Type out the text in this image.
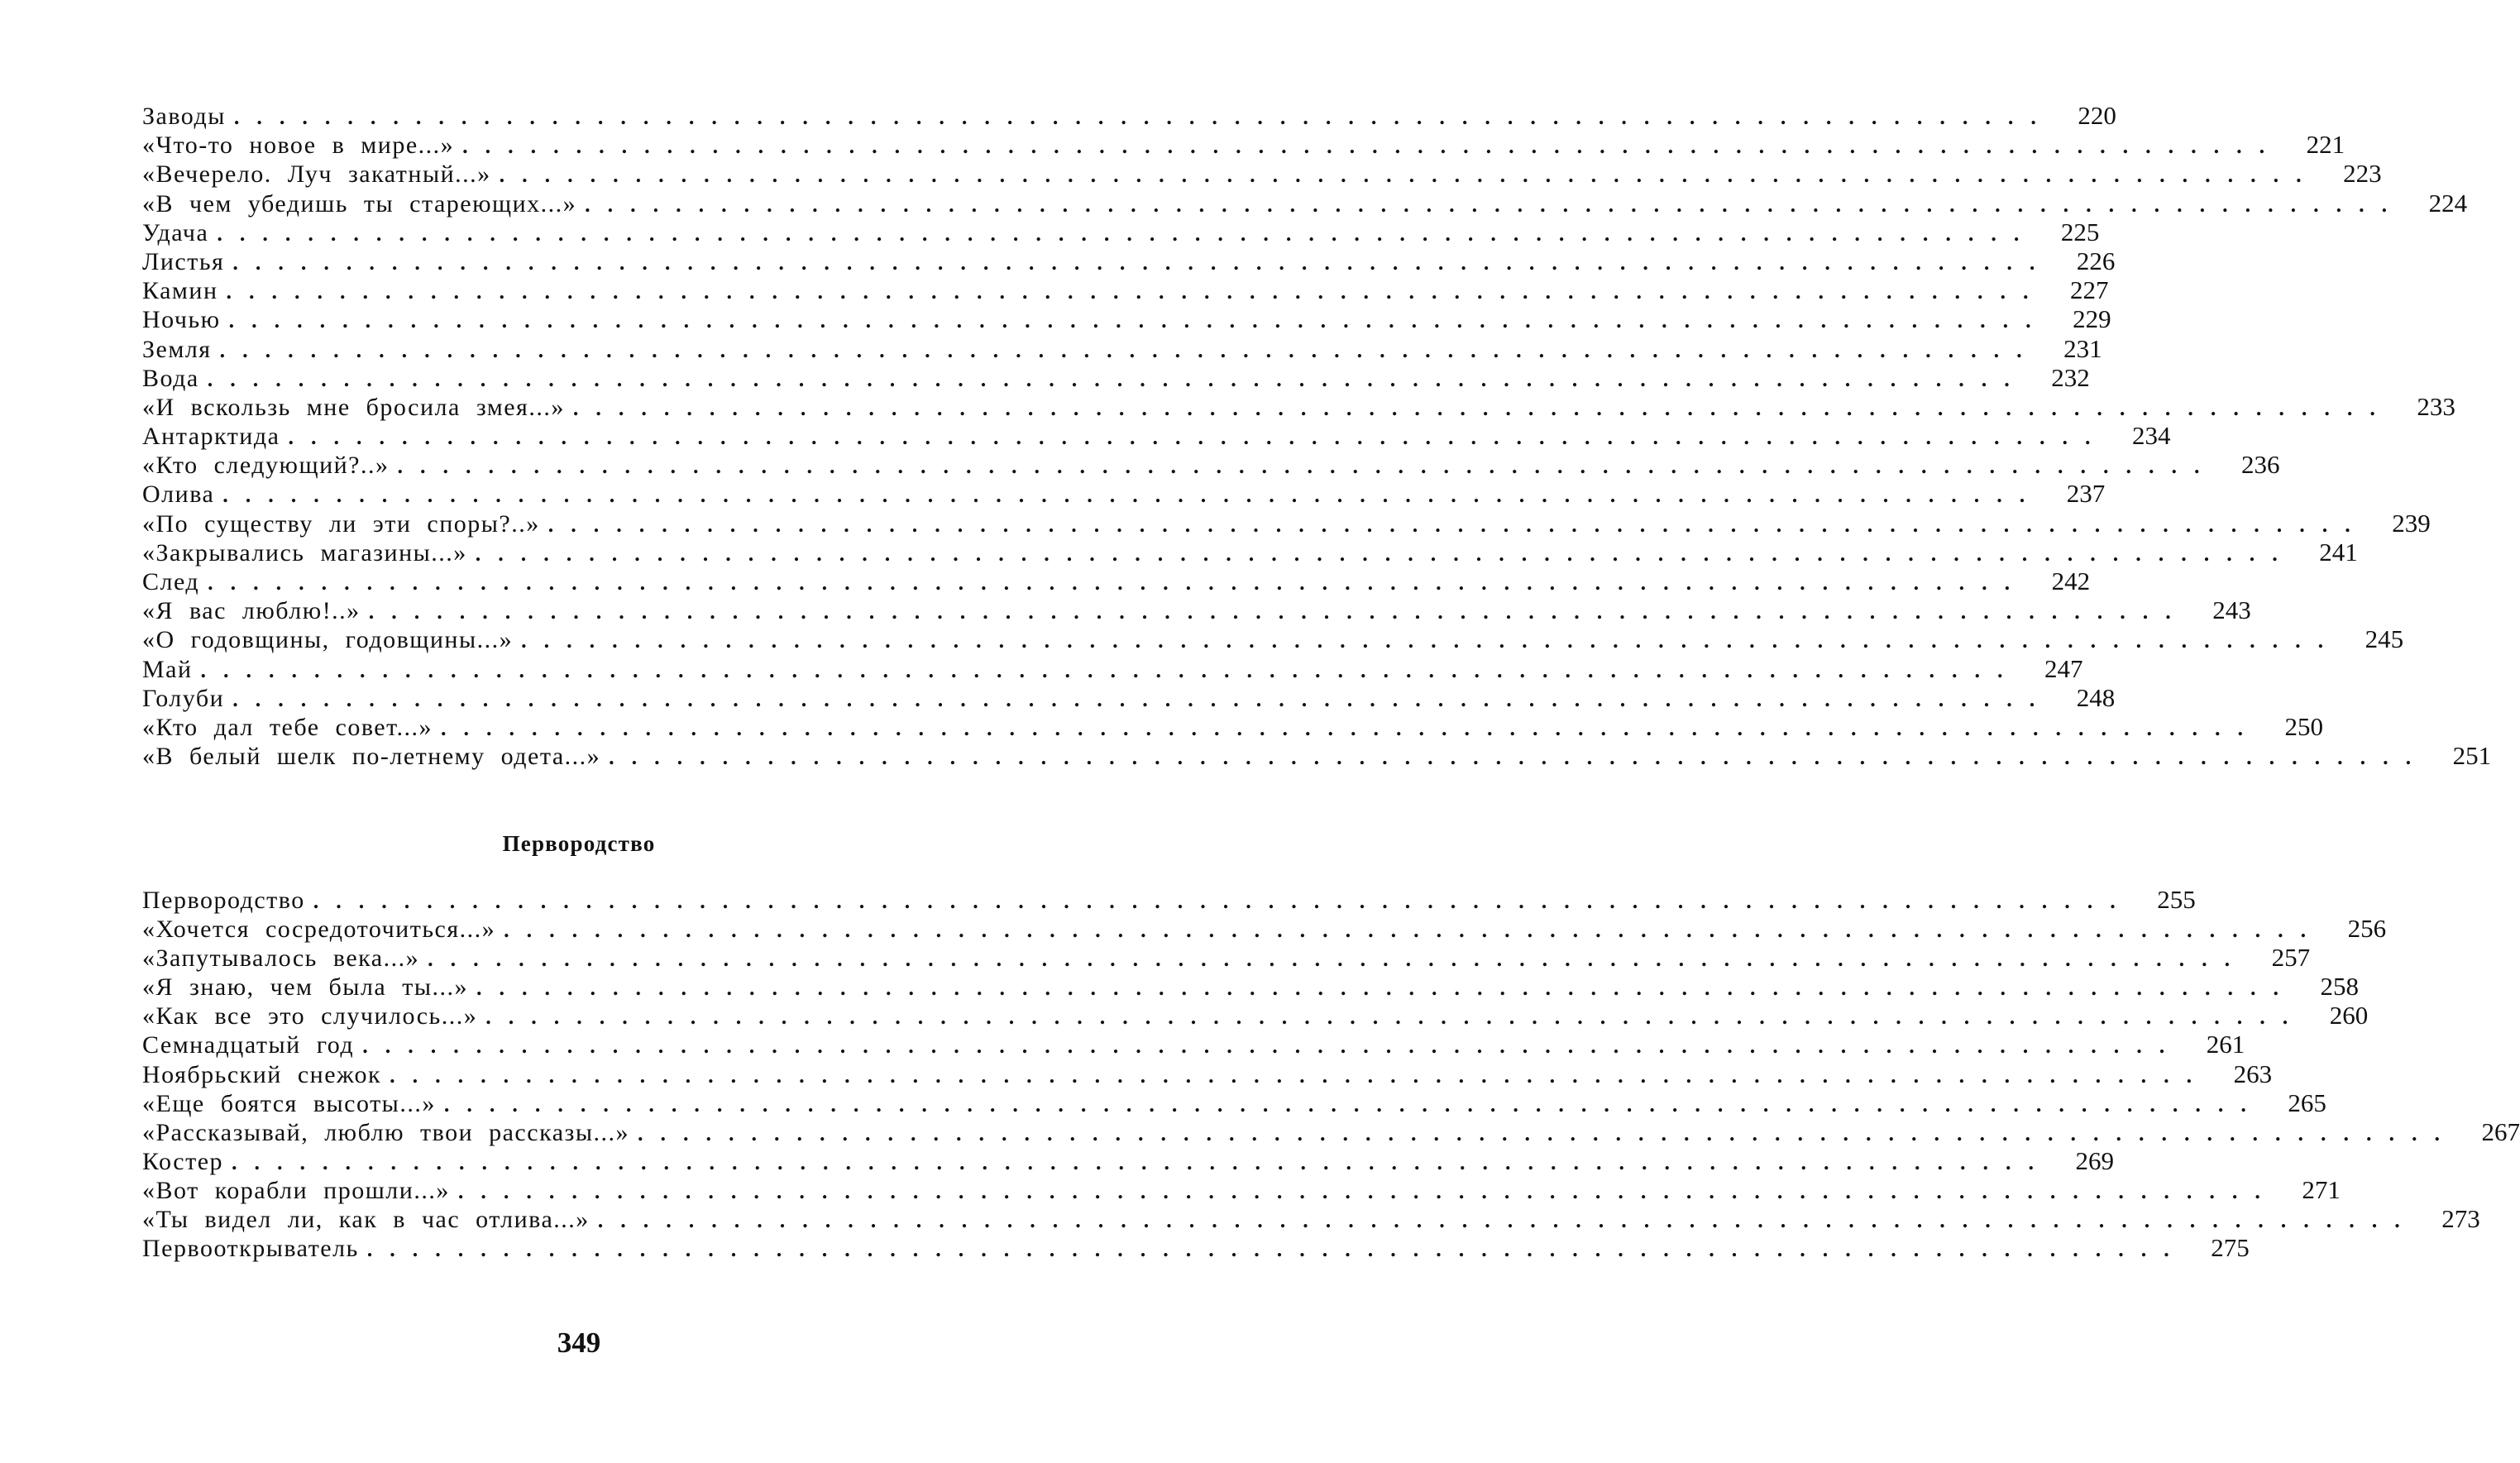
Заводы ................................................................................ 220
«Что-то новое в мире...» ................................................................................ 221
«Вечерело. Луч закатный...» ................................................................................ 223
«В чем убедишь ты стареющих...» ................................................................................ 224
Удача ................................................................................ 225
Листья ................................................................................ 226
Камин ................................................................................ 227
Ночью ................................................................................ 229
Земля ................................................................................ 231
Вода ................................................................................ 232
«И вскользь мне бросила змея...» ................................................................................ 233
Антарктида ................................................................................ 234
«Кто следующий?..» ................................................................................ 236
Олива ................................................................................ 237
«По существу ли эти споры?..» ................................................................................ 239
«Закрывались магазины...» ................................................................................ 241
След ................................................................................ 242
«Я вас люблю!..» ................................................................................ 243
«О годовщины, годовщины...» ................................................................................ 245
Май ................................................................................ 247
Голуби ................................................................................ 248
«Кто дал тебе совет...» ................................................................................ 250
«В белый шелк по-летнему одета...» ................................................................................ 251
Первородство
Первородство ................................................................................ 255
«Хочется сосредоточиться...» ................................................................................ 256
«Запутывалось века...» ................................................................................ 257
«Я знаю, чем была ты...» ................................................................................ 258
«Как все это случилось...» ................................................................................ 260
Семнадцатый год ................................................................................ 261
Ноябрьский снежок ................................................................................ 263
«Еще боятся высоты...» ................................................................................ 265
«Рассказывай, люблю твои рассказы...» ................................................................................ 267
Костер ................................................................................ 269
«Вот корабли прошли...» ................................................................................ 271
«Ты видел ли, как в час отлива...» ................................................................................ 273
Первооткрыватель ................................................................................ 275
349
